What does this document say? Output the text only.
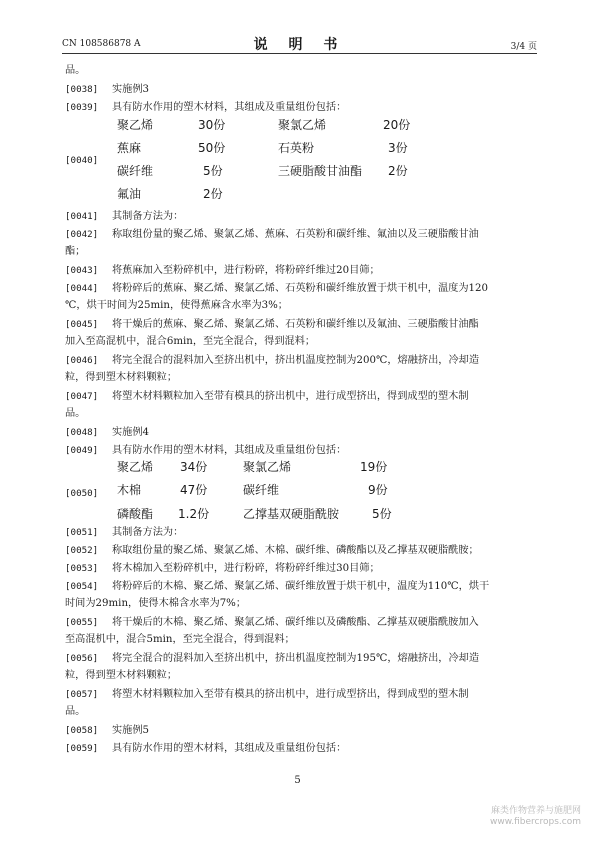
CN 108586878 A	说 明 书	3/4 页
品。
[0038] 实施例3
[0039] 具有防水作用的塑木材料，其组成及重量组份包括：
[0040]
聚乙烯	30份	聚氯乙烯	20份
蕉麻	50份	石英粉	3份
碳纤维	5份	三硬脂酸甘油酯 2份
氟油	2份
[0041] 其制备方法为：
[0042] 称取组份量的聚乙烯、聚氯乙烯、蕉麻、石英粉和碳纤维、氟油以及三硬脂酸甘油
酯；
[0043] 将蕉麻加入至粉碎机中，进行粉碎，将粉碎纤维过20目筛；
[0044] 将粉碎后的蕉麻、聚乙烯、聚氯乙烯、石英粉和碳纤维放置于烘干机中，温度为120
℃，烘干时间为25min，使得蕉麻含水率为3%；
[0045] 将干燥后的蕉麻、聚乙烯、聚氯乙烯、石英粉和碳纤维以及氟油、三硬脂酸甘油酯
加入至高混机中，混合6min，至完全混合，得到混料；
[0046] 将完全混合的混料加入至挤出机中，挤出机温度控制为200℃，熔融挤出，冷却造
粒，得到塑木材料颗粒；
[0047] 将塑木材料颗粒加入至带有模具的挤出机中，进行成型挤出，得到成型的塑木制
品。
[0048] 实施例4
[0049] 具有防水作用的塑木材料，其组成及重量组份包括：
[0050]
聚乙烯 34份	聚氯乙烯	19份
木棉	47份	碳纤维	9份
磷酸酯 1.2份	乙撑基双硬脂酰胺	5份
[0051] 其制备方法为：
[0052] 称取组份量的聚乙烯、聚氯乙烯、木棉、碳纤维、磷酸酯以及乙撑基双硬脂酰胺；
[0053] 将木棉加入至粉碎机中，进行粉碎，将粉碎纤维过30目筛；
[0054] 将粉碎后的木棉、聚乙烯、聚氯乙烯、碳纤维放置于烘干机中，温度为110℃，烘干
时间为29min，使得木棉含水率为7%；
[0055] 将干燥后的木棉、聚乙烯、聚氯乙烯、碳纤维以及磷酸酯、乙撑基双硬脂酰胺加入
至高混机中，混合5min，至完全混合，得到混料；
[0056] 将完全混合的混料加入至挤出机中，挤出机温度控制为195℃，熔融挤出，冷却造
粒，得到塑木材料颗粒；
[0057] 将塑木材料颗粒加入至带有模具的挤出机中，进行成型挤出，得到成型的塑木制
品。
[0058] 实施例5
[0059] 具有防水作用的塑木材料，其组成及重量组份包括：
5
麻类作物营养与施肥网
www.fibercrops.com
